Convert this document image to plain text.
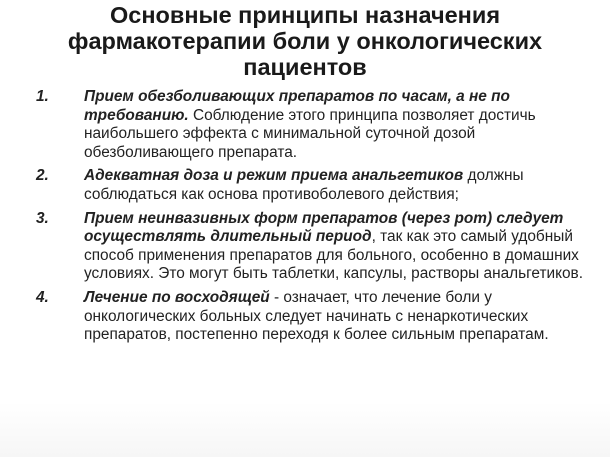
Основные принципы назначения
фармакотерапии боли у онкологических
пациентов
1. Прием обезболивающих препаратов по часам, а не по требованию. Соблюдение этого принципа позволяет достичь наибольшего эффекта с минимальной суточной дозой обезболивающего препарата.
2. Адекватная доза и режим приема анальгетиков должны соблюдаться как основа противоболевого действия;
3. Прием неинвазивных форм препаратов (через рот) следует осуществлять длительный период, так как это самый удобный способ применения препаратов для больного, особенно в домашних условиях. Это могут быть таблетки, капсулы, растворы анальгетиков.
4. Лечение по восходящей - означает, что лечение боли у онкологических больных следует начинать с ненаркотических препаратов, постепенно переходя к более сильным препаратам.
